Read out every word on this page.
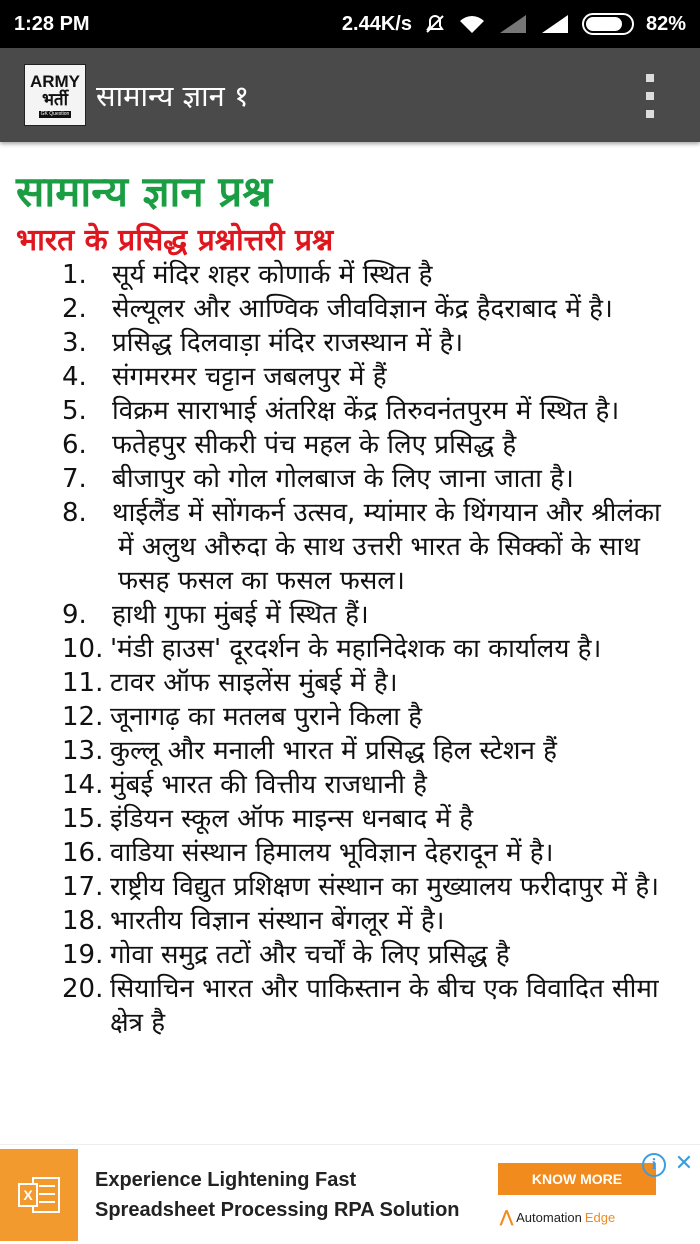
1:28 PM	2.44K/s	82%
ARMY
भर्ती
GK Question
सामान्य ज्ञान १
सामान्य ज्ञान प्रश्न
भारत के प्रसिद्ध प्रश्नोत्तरी प्रश्न
1. सूर्य मंदिर शहर कोणार्क में स्थित है
2. सेल्यूलर और आण्विक जीवविज्ञान केंद्र हैदराबाद में है।
3. प्रसिद्ध दिलवाड़ा मंदिर राजस्थान में है।
4. संगमरमर चट्टान जबलपुर में हैं
5. विक्रम साराभाई अंतरिक्ष केंद्र तिरुवनंतपुरम में स्थित है।
6. फतेहपुर सीकरी पंच महल के लिए प्रसिद्ध है
7. बीजापुर को गोल गोलबाज के लिए जाना जाता है।
8. थाईलैंड में सोंगकर्न उत्सव, म्यांमार के थिंगयान और श्रीलंका में अलुथ औरुदा के साथ उत्तरी भारत के सिक्कों के साथ फसह फसल का फसल फसल।
9. हाथी गुफा मुंबई में स्थित हैं।
10. 'मंडी हाउस' दूरदर्शन के महानिदेशक का कार्यालय है।
11. टावर ऑफ साइलेंस मुंबई में है।
12. जूनागढ़ का मतलब पुराने किला है
13. कुल्लू और मनाली भारत में प्रसिद्ध हिल स्टेशन हैं
14. मुंबई भारत की वित्तीय राजधानी है
15. इंडियन स्कूल ऑफ माइन्स धनबाद में है
16. वाडिया संस्थान हिमालय भूविज्ञान देहरादून में है।
17. राष्ट्रीय विद्युत प्रशिक्षण संस्थान का मुख्यालय फरीदापुर में है।
18. भारतीय विज्ञान संस्थान बेंगलूर में है।
19. गोवा समुद्र तटों और चर्चों के लिए प्रसिद्ध है
20. सियाचिन भारत और पाकिस्तान के बीच एक विवादित सीमा क्षेत्र है
X
Experience Lightening Fast
Spreadsheet Processing RPA Solution
KNOW MORE
⋀ Automation Edge
i ✕
